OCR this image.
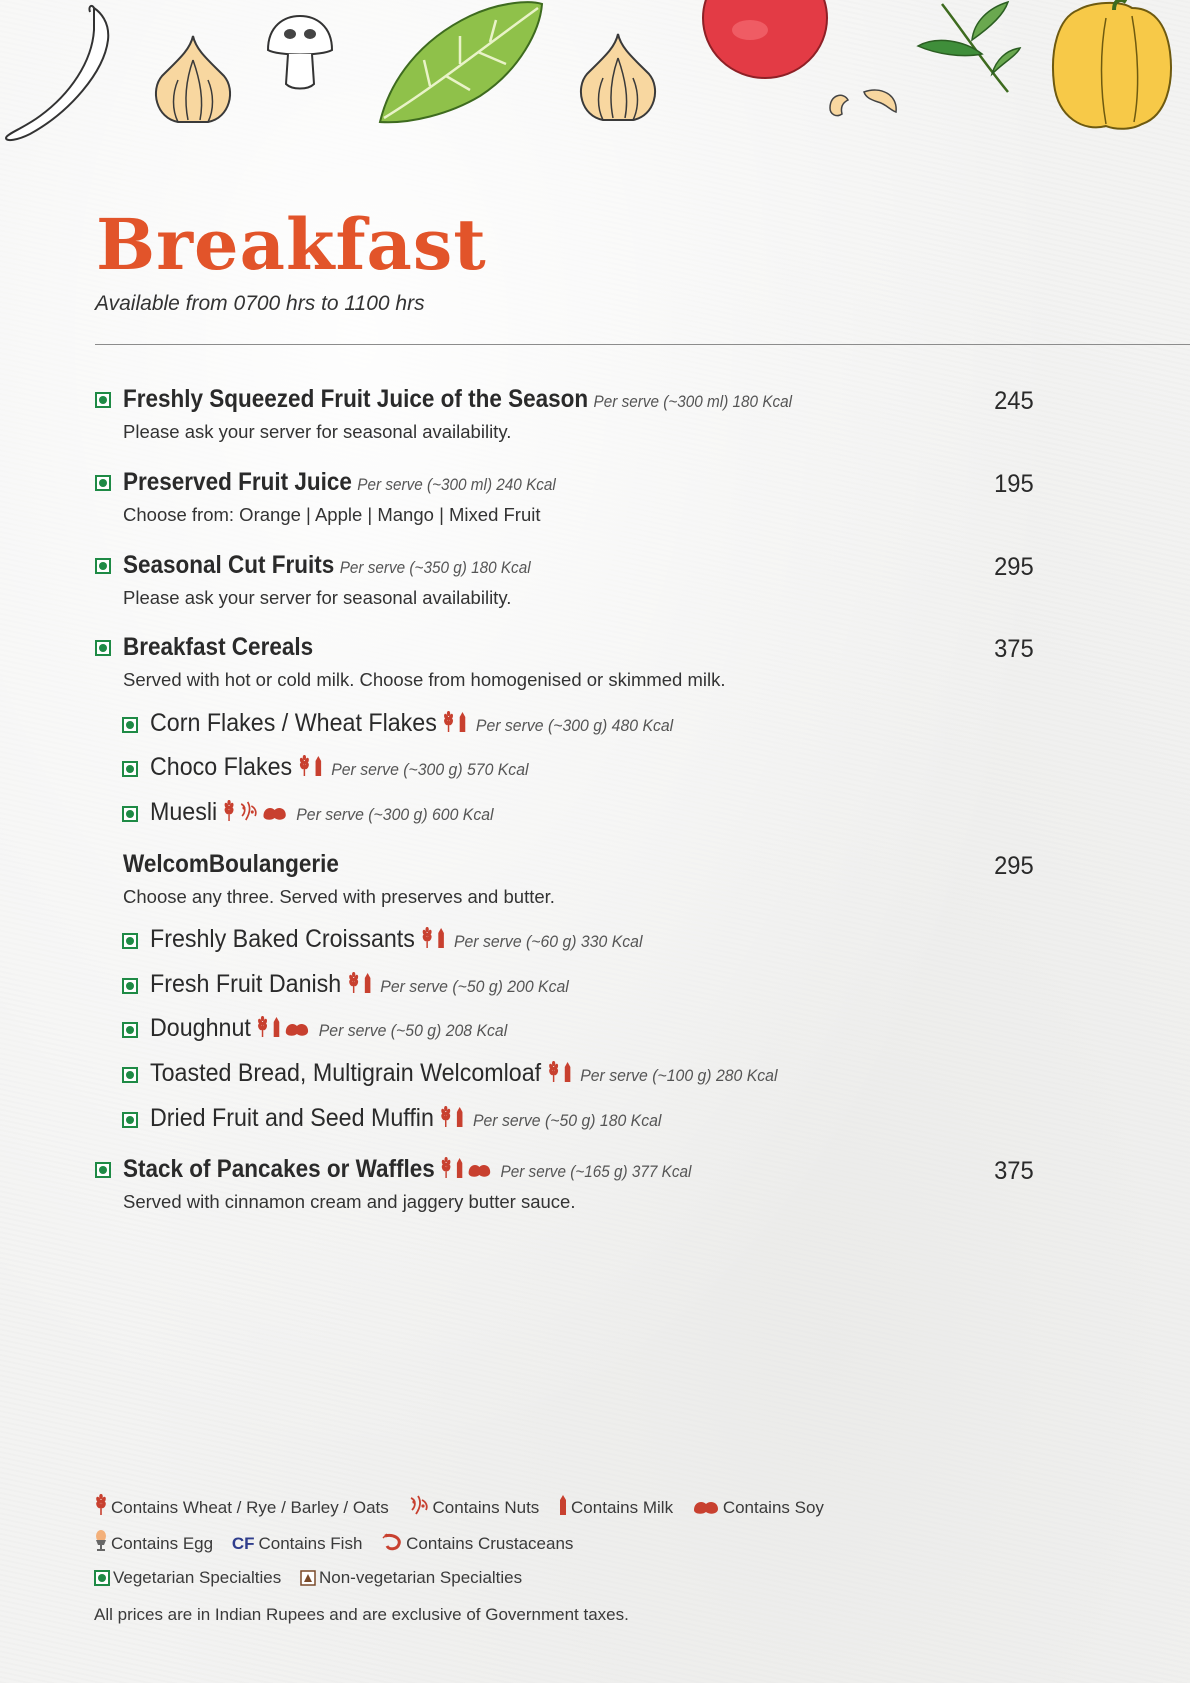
Breakfast
Available from 0700 hrs to 1100 hrs
Freshly Squeezed Fruit Juice of the Season Per serve (~300 ml) 180 Kcal
Please ask your server for seasonal availability.
245
Preserved Fruit Juice Per serve (~300 ml) 240 Kcal
Choose from: Orange | Apple | Mango | Mixed Fruit
195
Seasonal Cut Fruits Per serve (~350 g) 180 Kcal
Please ask your server for seasonal availability.
295
Breakfast Cereals
Served with hot or cold milk. Choose from homogenised or skimmed milk.
375
Corn Flakes / Wheat Flakes Per serve (~300 g) 480 Kcal
Choco Flakes Per serve (~300 g) 570 Kcal
Muesli	Per serve (~300 g) 600 Kcal
WelcomBoulangerie
Choose any three. Served with preserves and butter.
295
Freshly Baked Croissants Per serve (~60 g) 330 Kcal
Fresh Fruit Danish Per serve (~50 g) 200 Kcal
Doughnut	Per serve (~50 g) 208 Kcal
Toasted Bread, Multigrain Welcomloaf Per serve (~100 g) 280 Kcal
Dried Fruit and Seed Muffin Per serve (~50 g) 180 Kcal
Stack of Pancakes or Waffles	Per serve (~165 g) 377 Kcal
Served with cinnamon cream and jaggery butter sauce.
375
Contains Wheat / Rye / Barley / Oats	Contains Nuts Contains Milk	Contains Soy
Contains Egg CF Contains Fish	Contains Crustaceans
Vegetarian Specialties Non-vegetarian Specialties
All prices are in Indian Rupees and are exclusive of Government taxes.
